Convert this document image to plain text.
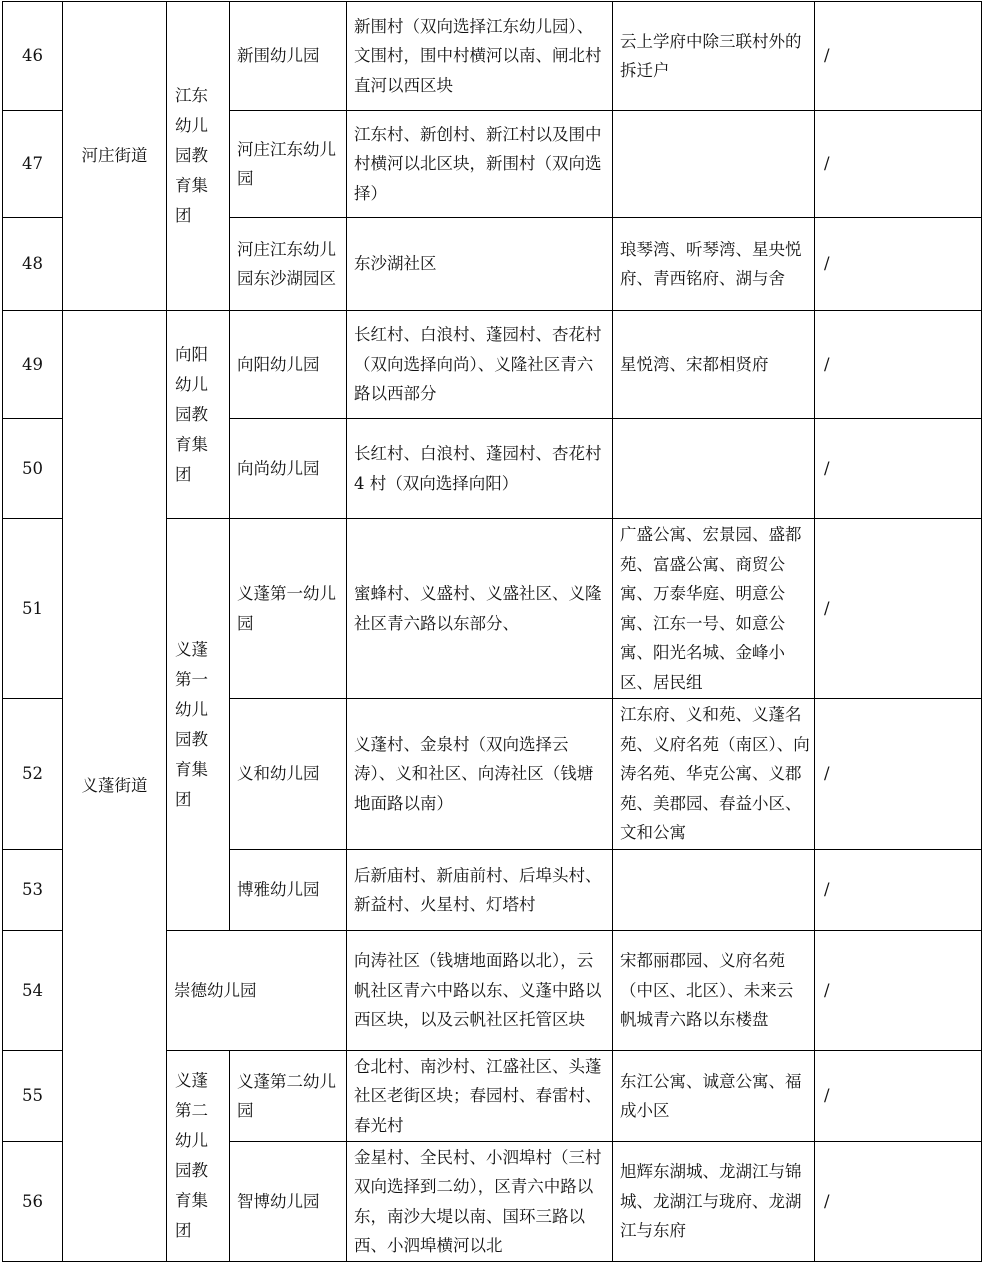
46	河庄街道	江东幼儿园教育集团	新围幼儿园	新围村（双向选择江东幼儿园）、文围村，围中村横河以南、闸北村直河以西区块	云上学府中除三联村外的拆迁户	/
47			河庄江东幼儿园	江东村、新创村、新江村以及围中村横河以北区块，新围村（双向选择）		/
48			河庄江东幼儿园东沙湖园区	东沙湖社区	琅琴湾、听琴湾、星央悦府、青西铭府、湖与舍	/
49	义蓬街道	向阳幼儿园教育集团	向阳幼儿园	长红村、白浪村、蓬园村、杏花村（双向选择向尚）、义隆社区青六路以西部分	星悦湾、宋都相贤府	/
50			向尚幼儿园	长红村、白浪村、蓬园村、杏花村 4 村（双向选择向阳）		/
51		义蓬第一幼儿园教育集团	义蓬第一幼儿园	蜜蜂村、义盛村、义盛社区、义隆社区青六路以东部分、	广盛公寓、宏景园、盛都苑、富盛公寓、商贸公寓、万泰华庭、明意公寓、江东一号、如意公寓、阳光名城、金峰小区、居民组	/
52			义和幼儿园	义蓬村、金泉村（双向选择云涛）、义和社区、向涛社区（钱塘地面路以南）	江东府、义和苑、义蓬名苑、义府名苑（南区）、向涛名苑、华克公寓、义郡苑、美郡园、春益小区、文和公寓	/
53			博雅幼儿园	后新庙村、新庙前村、后埠头村、新益村、火星村、灯塔村		/
54		崇德幼儿园		向涛社区（钱塘地面路以北），云帆社区青六中路以东、义蓬中路以西区块，以及云帆社区托管区块	宋都丽郡园、义府名苑（中区、北区）、未来云帆城青六路以东楼盘	/
55		义蓬第二幼儿园教育集团	义蓬第二幼儿园	仓北村、南沙村、江盛社区、头蓬社区老街区块；春园村、春雷村、春光村	东江公寓、诚意公寓、福成小区	/
56			智博幼儿园	金星村、全民村、小泗埠村（三村双向选择到二幼），区青六中路以东，南沙大堤以南、国环三路以西、小泗埠横河以北	旭辉东湖城、龙湖江与锦城、龙湖江与珑府、龙湖江与东府	/
